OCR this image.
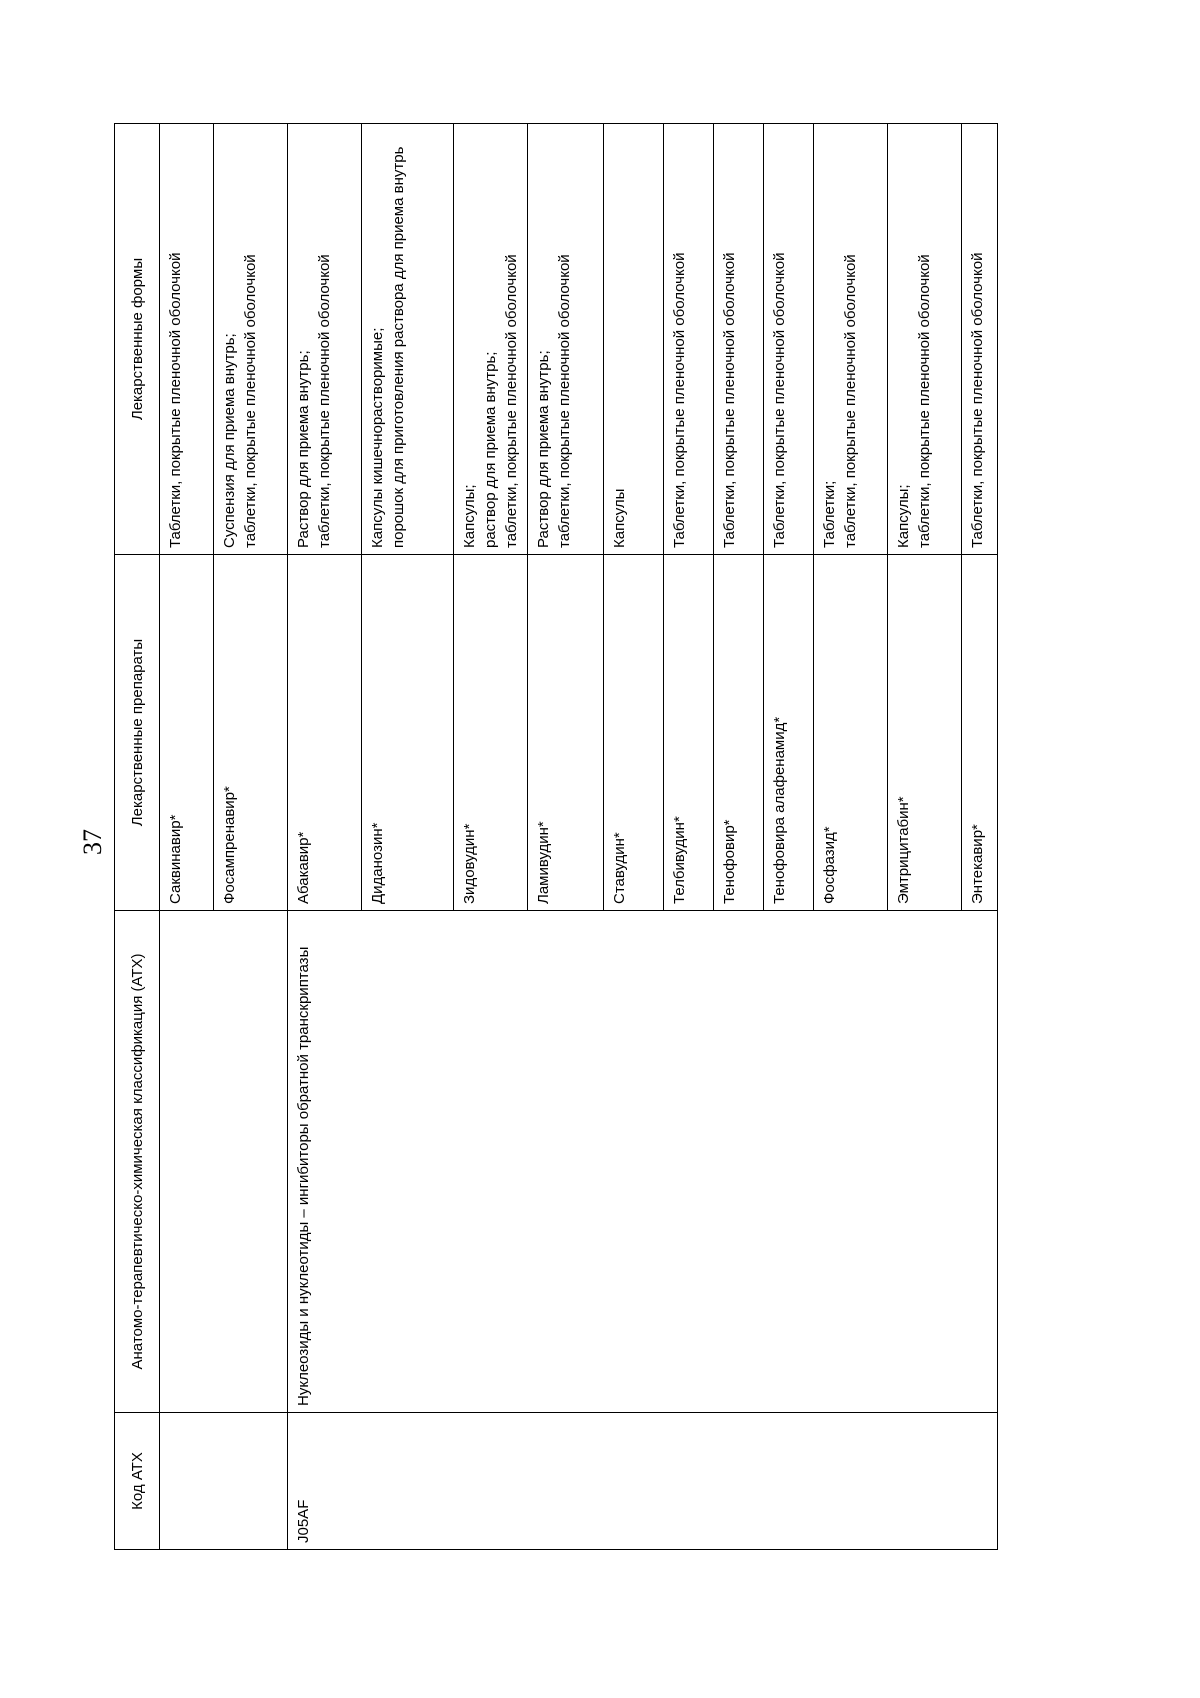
37
Код АТХ	Анатомо-терапевтическо-химическая классификация (АТХ)	Лекарственные препараты	Лекарственные формы
		Саквинавир*	Таблетки, покрытые пленочной оболочкой

		Фосампренавир*	Суспензия для приема внутрь; таблетки, покрытые пленочной оболочкой

J05AF	Нуклеозиды и нуклеотиды – ингибиторы обратной транскриптазы	Абакавир*	Раствор для приема внутрь; таблетки, покрытые пленочной оболочкой

		Диданозин*	Капсулы кишечнорастворимые; порошок для приготовления раствора для приема внутрь

		Зидовудин*	Капсулы; раствор для приема внутрь; таблетки, покрытые пленочной оболочкой

		Ламивудин*	Раствор для приема внутрь; таблетки, покрытые пленочной оболочкой

		Ставудин*	Капсулы

		Телбивудин*	Таблетки, покрытые пленочной оболочкой

		Тенофовир*	Таблетки, покрытые пленочной оболочкой

		Тенофовира алафенамид*	Таблетки, покрытые пленочной оболочкой

		Фосфазид*	Таблетки; таблетки, покрытые пленочной оболочкой

		Эмтрицитабин*	Капсулы; таблетки, покрытые пленочной оболочкой

		Энтекавир*	Таблетки, покрытые пленочной оболочкой
